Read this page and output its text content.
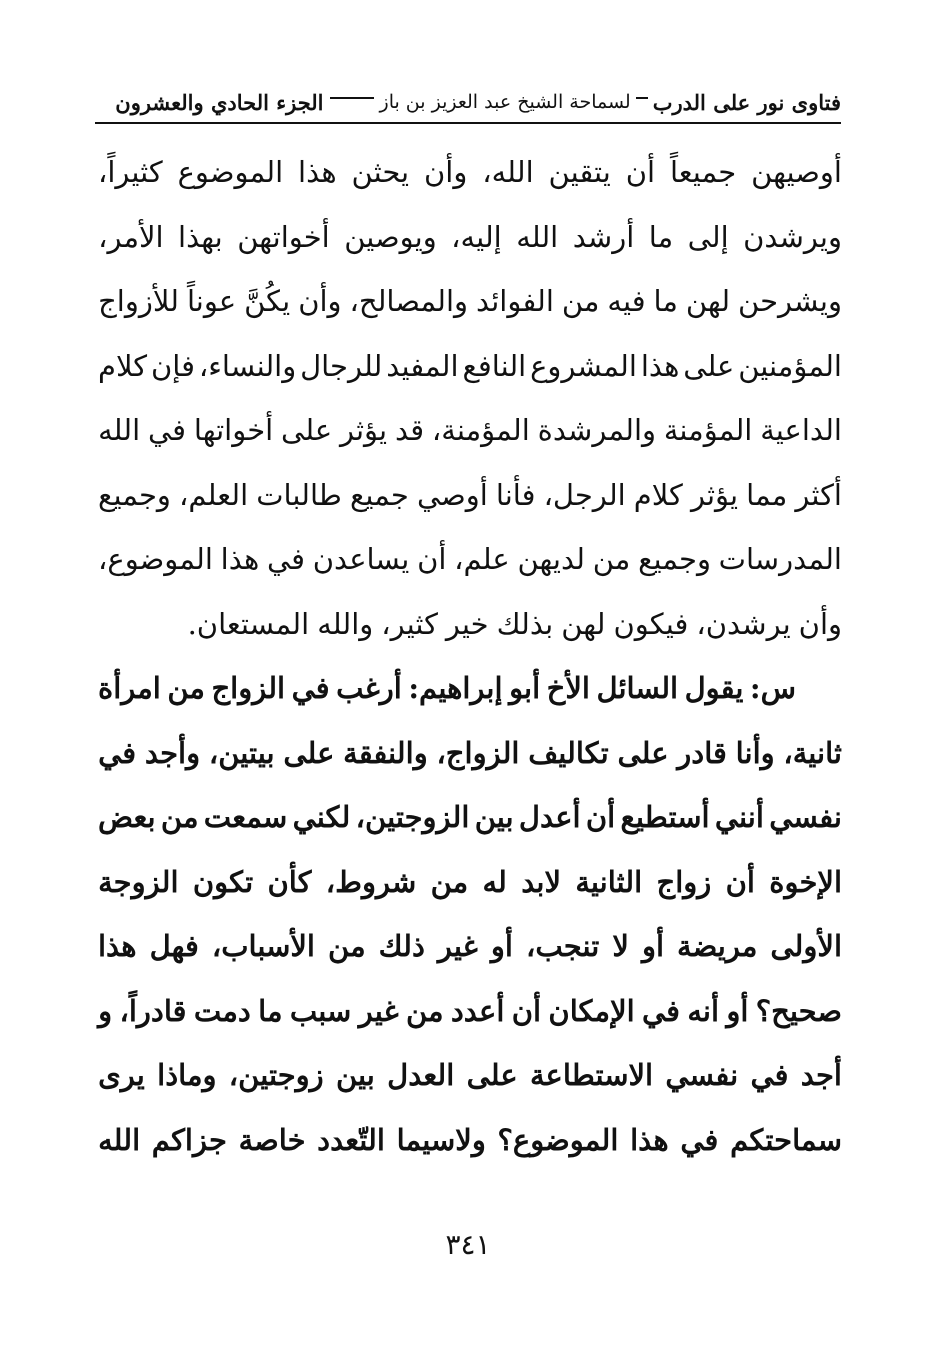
فتاوى نور على الدرب
لسماحة الشيخ عبد العزيز بن باز
الجزء الحادي والعشرون
أوصيهن
جميعاً
أن
يتقين
الله،
وأن
يحثن
هذا
الموضوع
كثيراً،
ويرشدن
إلى
ما
أرشد
الله
إليه،
ويوصين
أخواتهن
بهذا
الأمر،
ويشرحن
لهن
ما
فيه
من
الفوائد
والمصالح،
وأن
يكُنَّ
عوناً
للأزواج
المؤمنين
على
هذا
المشروع
النافع
المفيد
للرجال
والنساء،
فإن
كلام
الداعية
المؤمنة
والمرشدة
المؤمنة،
قد
يؤثر
على
أخواتها
في
الله
أكثر
مما
يؤثر
كلام
الرجل،
فأنا
أوصي
جميع
طالبات
العلم،
وجميع
المدرسات
وجميع
من
لديهن
علم،
أن
يساعدن
في
هذا
الموضوع،
وأن
يرشدن،
فيكون
لهن
بذلك
خير
كثير،
والله
المستعان.
س:
يقول
السائل
الأخ
أبو
إبراهيم:
أرغب
في
الزواج
من
امرأة
ثانية،
وأنا
قادر
على
تكاليف
الزواج،
والنفقة
على
بيتين،
وأجد
في
نفسي
أنني
أستطيع
أن
أعدل
بين
الزوجتين،
لكني
سمعت
من
بعض
الإخوة
أن
زواج
الثانية
لابد
له
من
شروط،
كأن
تكون
الزوجة
الأولى
مريضة
أو
لا
تنجب،
أو
غير
ذلك
من
الأسباب،
فهل
هذا
صحيح؟
أو
أنه
في
الإمكان
أن
أعدد
من
غير
سبب
ما
دمت
قادراً،
و
أجد
في
نفسي
الاستطاعة
على
العدل
بين
زوجتين،
وماذا
يرى
سماحتكم
في
هذا
الموضوع؟
ولاسيما
التّعدد
خاصة
جزاكم
الله
٣٤١
